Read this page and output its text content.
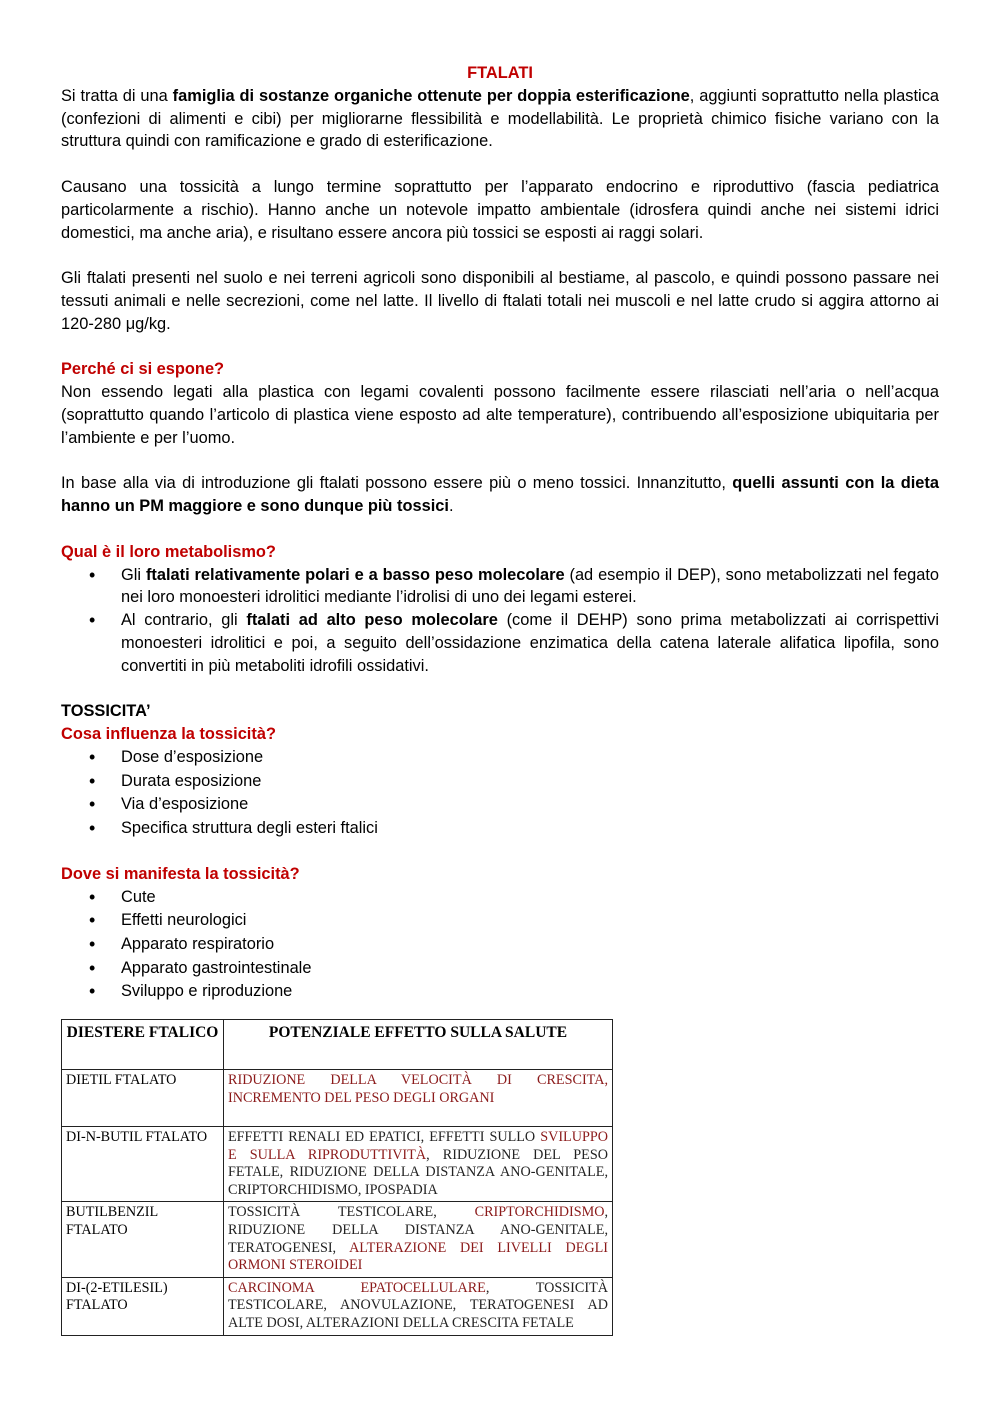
FTALATI

Si tratta di una famiglia di sostanze organiche ottenute per doppia esterificazione, aggiunti soprattutto nella plastica (confezioni di alimenti e cibi) per migliorarne flessibilità e modellabilità. Le proprietà chimico fisiche variano con la struttura quindi con ramificazione e grado di esterificazione.

Causano una tossicità a lungo termine soprattutto per l’apparato endocrino e riproduttivo (fascia pediatrica particolarmente a rischio). Hanno anche un notevole impatto ambientale (idrosfera quindi anche nei sistemi idrici domestici, ma anche aria), e risultano essere ancora più tossici se esposti ai raggi solari.

Gli ftalati presenti nel suolo e nei terreni agricoli sono disponibili al bestiame, al pascolo, e quindi possono passare nei tessuti animali e nelle secrezioni, come nel latte. Il livello di ftalati totali nei muscoli e nel latte crudo si aggira attorno ai 120-280 μg/kg.

Perché ci si espone?

Non essendo legati alla plastica con legami covalenti possono facilmente essere rilasciati nell’aria o nell’acqua (soprattutto quando l’articolo di plastica viene esposto ad alte temperature), contribuendo all’esposizione ubiquitaria per l’ambiente e per l’uomo.

In base alla via di introduzione gli ftalati possono essere più o meno tossici. Innanzitutto, quelli assunti con la dieta hanno un PM maggiore e sono dunque più tossici.

Qual è il loro metabolismo?

• Gli ftalati relativamente polari e a basso peso molecolare (ad esempio il DEP), sono metabolizzati nel fegato nei loro monoesteri idrolitici mediante l’idrolisi di uno dei legami esterei.
• Al contrario, gli ftalati ad alto peso molecolare (come il DEHP) sono prima metabolizzati ai corrispettivi monoesteri idrolitici e poi, a seguito dell’ossidazione enzimatica della catena laterale alifatica lipofila, sono convertiti in più metaboliti idrofili ossidativi.

TOSSICITA’

Cosa influenza la tossicità?

• Dose d’esposizione
• Durata esposizione
• Via d’esposizione
• Specifica struttura degli esteri ftalici

Dove si manifesta la tossicità?

• Cute
• Effetti neurologici
• Apparato respiratorio
• Apparato gastrointestinale
• Sviluppo e riproduzione
DIESTERE FTALICO	POTENZIALE EFFETTO SULLA SALUTE
DIETIL FTALATO	RIDUZIONE DELLA VELOCITÀ DI CRESCITA, INCREMENTO DEL PESO DEGLI ORGANI
DI-N-BUTIL FTALATO	EFFETTI RENALI ED EPATICI, EFFETTI SULLO SVILUPPO E SULLA RIPRODUTTIVITÀ, RIDUZIONE DEL PESO FETALE, RIDUZIONE DELLA DISTANZA ANO-GENITALE, CRIPTORCHIDISMO, IPOSPADIA
BUTILBENZIL FTALATO	TOSSICITÀ TESTICOLARE, CRIPTORCHIDISMO, RIDUZIONE DELLA DISTANZA ANO-GENITALE, TERATOGENESI, ALTERAZIONE DEI LIVELLI DEGLI ORMONI STEROIDEI
DI-(2-ETILESIL) FTALATO	CARCINOMA EPATOCELLULARE, TOSSICITÀ TESTICOLARE, ANOVULAZIONE, TERATOGENESI AD ALTE DOSI, ALTERAZIONI DELLA CRESCITA FETALE
